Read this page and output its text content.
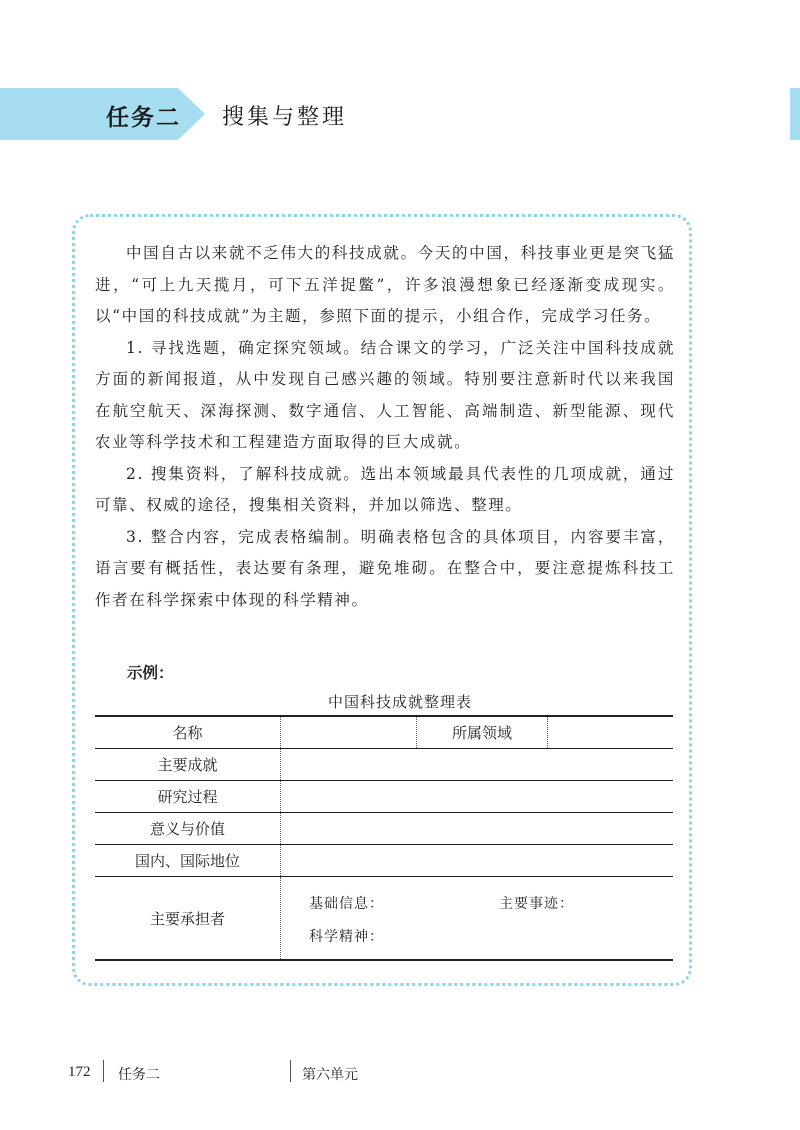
任务二 搜集与整理

中国自古以来就不乏伟大的科技成就。今天的中国，科技事业更是突飞猛进，“可上九天揽月，可下五洋捉鳖”，许多浪漫想象已经逐渐变成现实。以“中国的科技成就”为主题，参照下面的提示，小组合作，完成学习任务。

1. 寻找选题，确定探究领域。结合课文的学习，广泛关注中国科技成就方面的新闻报道，从中发现自己感兴趣的领域。特别要注意新时代以来我国在航空航天、深海探测、数字通信、人工智能、高端制造、新型能源、现代农业等科学技术和工程建造方面取得的巨大成就。

2. 搜集资料，了解科技成就。选出本领域最具代表性的几项成就，通过可靠、权威的途径，搜集相关资料，并加以筛选、整理。

3. 整合内容，完成表格编制。明确表格包含的具体项目，内容要丰富，语言要有概括性，表达要有条理，避免堆砌。在整合中，要注意提炼科技工作者在科学探索中体现的科学精神。

示例：
中国科技成就整理表
名称		所属领域	
主要成就			
研究过程			
意义与价值			
国内、国际地位			
主要承担者	基础信息： 主要事迹：
科学精神：		
172 任务二	第六单元
